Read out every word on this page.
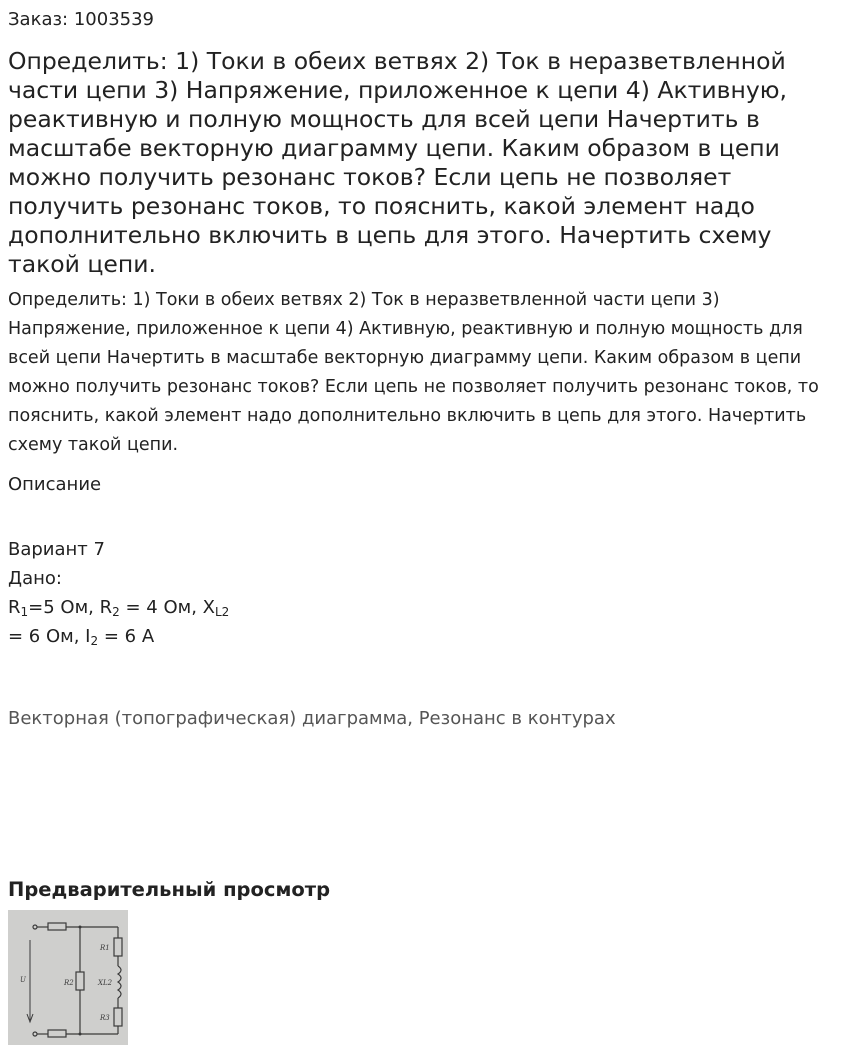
Заказ: 1003539
Определить: 1) Токи в обеих ветвях 2) Ток в неразветвленной части цепи 3) Напряжение, приложенное к цепи 4) Активную, реактивную и полную мощность для всей цепи Начертить в масштабе векторную диаграмму цепи. Каким образом в цепи можно получить резонанс токов? Если цепь не позволяет получить резонанс токов, то пояснить, какой элемент надо дополнительно включить в цепь для этого. Начертить схему такой цепи.
Определить: 1) Токи в обеих ветвях 2) Ток в неразветвленной части цепи 3) Напряжение, приложенное к цепи 4) Активную, реактивную и полную мощность для всей цепи Начертить в масштабе векторную диаграмму цепи. Каким образом в цепи можно получить резонанс токов? Если цепь не позволяет получить резонанс токов, то пояснить, какой элемент надо дополнительно включить в цепь для этого. Начертить схему такой цепи.
Описание
Вариант 7
Дано:
$R_1=5$ Ом, $R_2 = 4$ Ом, $X_{L2}$
= 6 Ом, $I_2 = 6$ А
Векторная (топографическая) диаграмма, Резонанс в контурах
Предварительный просмотр
R1
R2	XL2
R3
U
